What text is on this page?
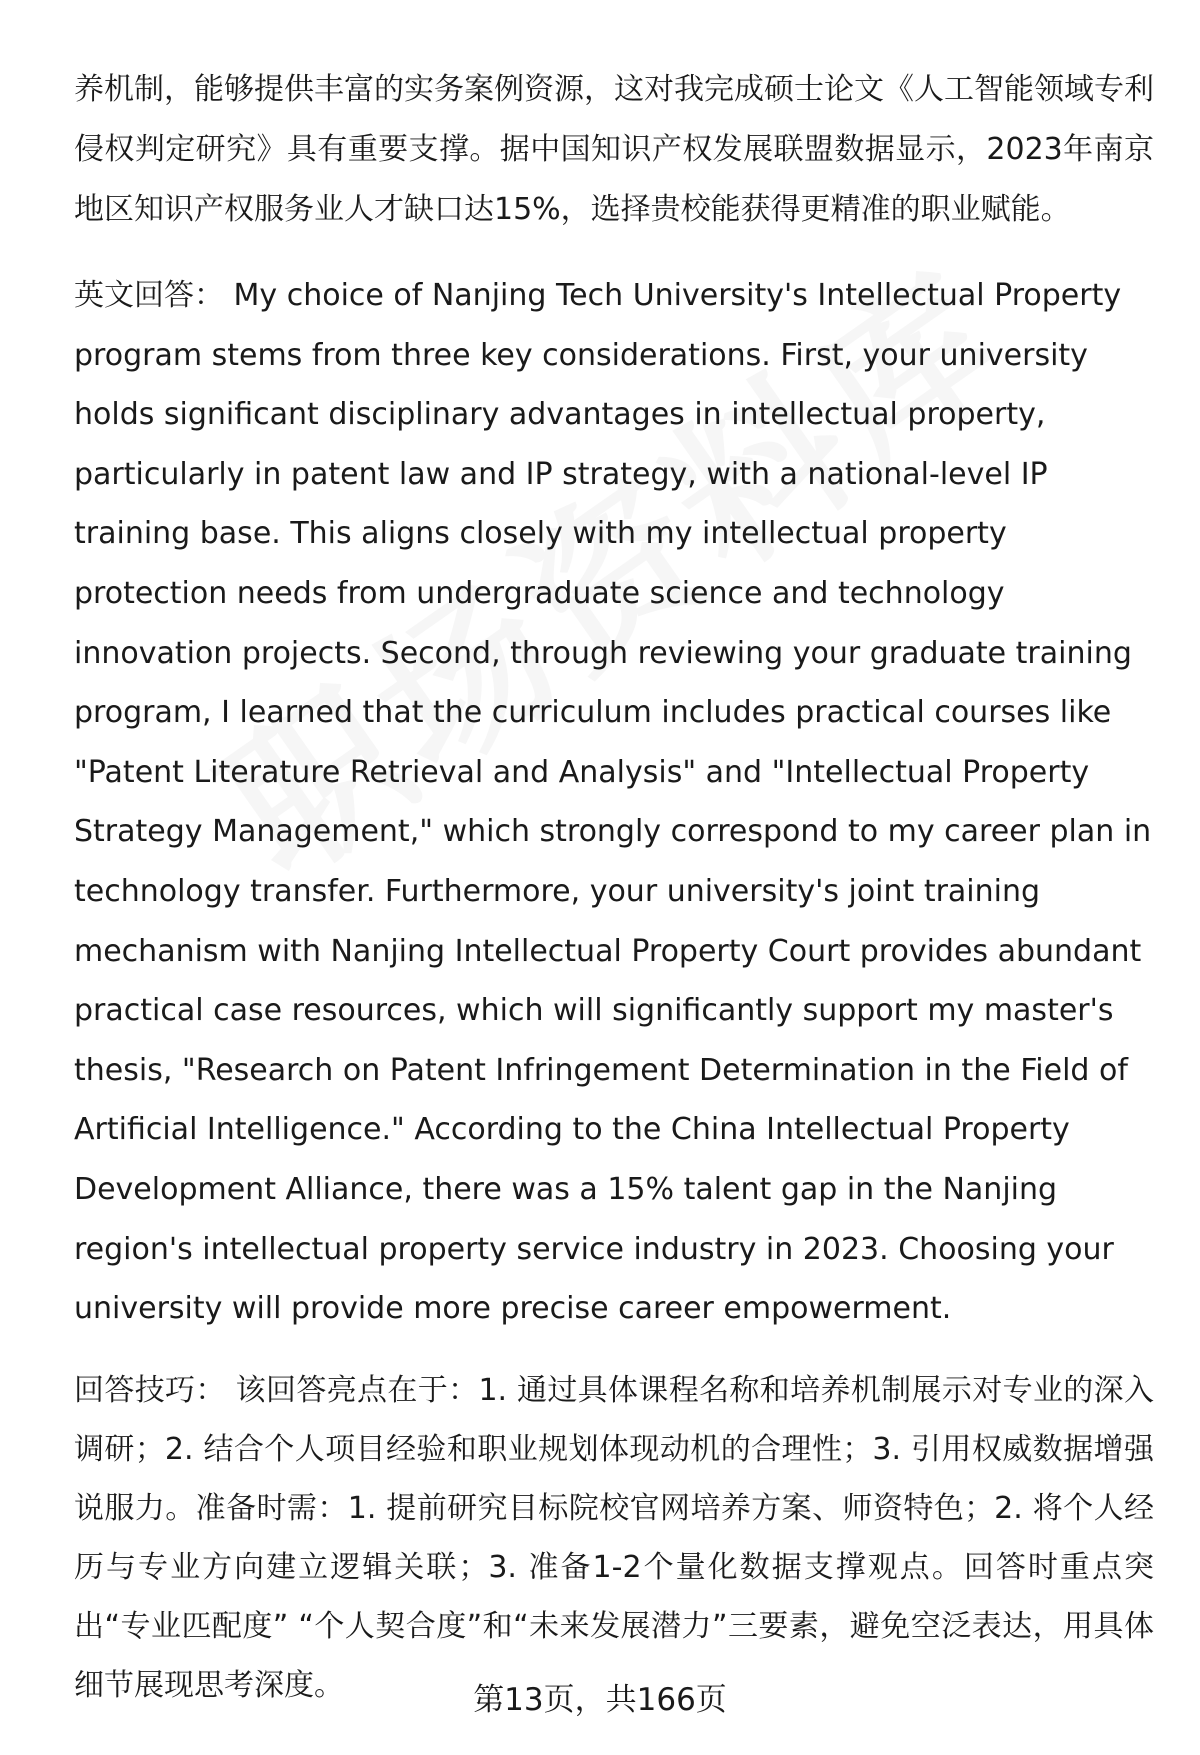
养机制，能够提供丰富的实务案例资源，这对我完成硕士论文《人工智能领域专利侵权判定研究》具有重要支撑。据中国知识产权发展联盟数据显示，2023年南京地区知识产权服务业人才缺口达15%，选择贵校能获得更精准的职业赋能。

英文回答： My choice of Nanjing Tech University's Intellectual Property program stems from three key considerations. First, your university holds significant disciplinary advantages in intellectual property, particularly in patent law and IP strategy, with a national-level IP training base. This aligns closely with my intellectual property protection needs from undergraduate science and technology innovation projects. Second, through reviewing your graduate training program, I learned that the curriculum includes practical courses like "Patent Literature Retrieval and Analysis" and "Intellectual Property Strategy Management," which strongly correspond to my career plan in technology transfer. Furthermore, your university's joint training mechanism with Nanjing Intellectual Property Court provides abundant practical case resources, which will significantly support my master's thesis, "Research on Patent Infringement Determination in the Field of Artificial Intelligence." According to the China Intellectual Property Development Alliance, there was a 15% talent gap in the Nanjing region's intellectual property service industry in 2023. Choosing your university will provide more precise career empowerment.

回答技巧： 该回答亮点在于：1. 通过具体课程名称和培养机制展示对专业的深入调研；2. 结合个人项目经验和职业规划体现动机的合理性；3. 引用权威数据增强说服力。准备时需：1. 提前研究目标院校官网培养方案、师资特色；2. 将个人经历与专业方向建立逻辑关联；3. 准备1-2个量化数据支撑观点。回答时重点突出“专业匹配度” “个人契合度”和“未来发展潜力”三要素，避免空泛表达，用具体细节展现思考深度。	第13页，共166页
